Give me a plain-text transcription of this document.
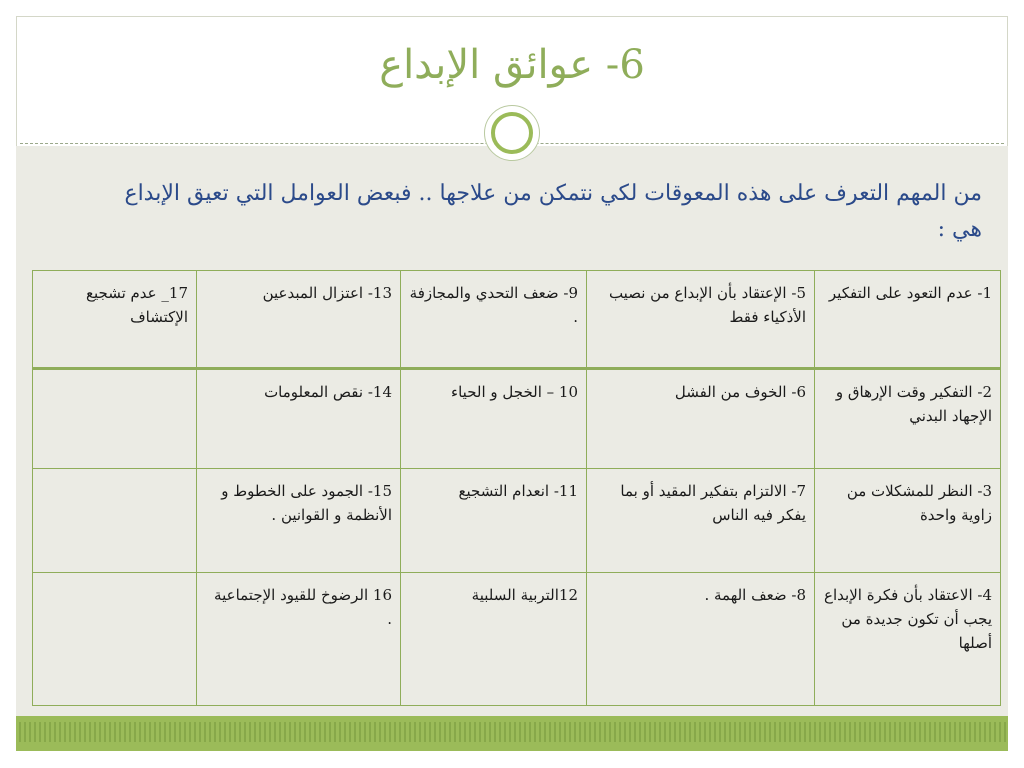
6- عوائق الإبداع
من المهم التعرف على هذه المعوقات لكي نتمكن من علاجها .. فبعض العوامل التي تعيق الإبداع هي :
1- عدم التعود على التفكير	5- الإعتقاد بأن الإبداع من نصيب الأذكياء فقط	9- ضعف التحدي والمجازفة .	13- اعتزال المبدعين	17_ عدم تشجيع الإكتشاف
2- التفكير وقت الإرهاق و الإجهاد البدني	6- الخوف من الفشل	10 – الخجل و الحياء	14- نقص المعلومات	
3- النظر للمشكلات من زاوية واحدة	7- الالتزام بتفكير المقيد أو بما يفكر فيه الناس	11- انعدام التشجيع	15- الجمود على الخطوط و الأنظمة و القوانين .	
4- الاعتقاد بأن فكرة الإبداع يجب أن تكون جديدة من أصلها	8- ضعف الهمة .	12التربية السلبية	16 الرضوخ للقيود الإجتماعية .	
